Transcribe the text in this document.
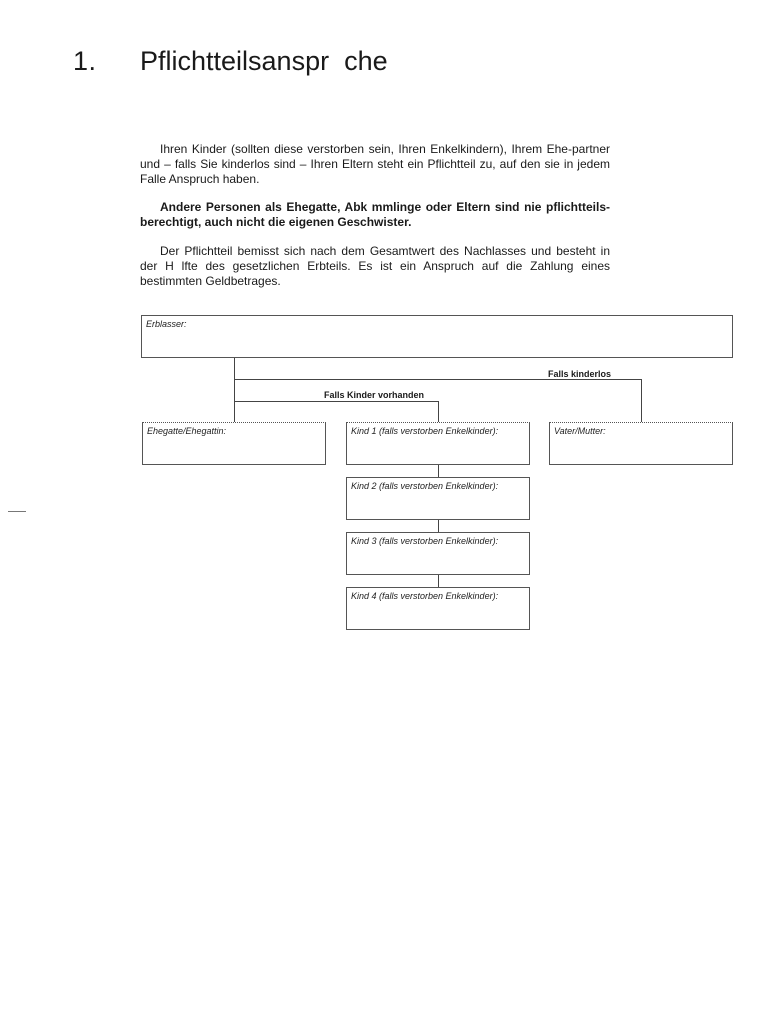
1. Pflichtteilsanspr  che
Ihren Kinder (sollten diese verstorben sein, Ihren Enkelkindern), Ihrem Ehe-partner und – falls Sie kinderlos sind – Ihren Eltern steht ein Pflichtteil zu, auf den sie in jedem Falle Anspruch haben.
Andere Personen als Ehegatte, Abk mmlinge oder Eltern sind nie pflichtteils-berechtigt, auch nicht die eigenen Geschwister.
Der Pflichtteil bemisst sich nach dem Gesamtwert des Nachlasses und besteht in der H lfte des gesetzlichen Erbteils. Es ist ein Anspruch auf die Zahlung eines bestimmten Geldbetrages.
Erblasser:
Falls kinderlos
Falls Kinder vorhanden
Ehegatte/Ehegattin:	Kind 1 (falls verstorben Enkelkinder):	Vater/Mutter:
Kind 2 (falls verstorben Enkelkinder):
Kind 3 (falls verstorben Enkelkinder):
Kind 4 (falls verstorben Enkelkinder):
